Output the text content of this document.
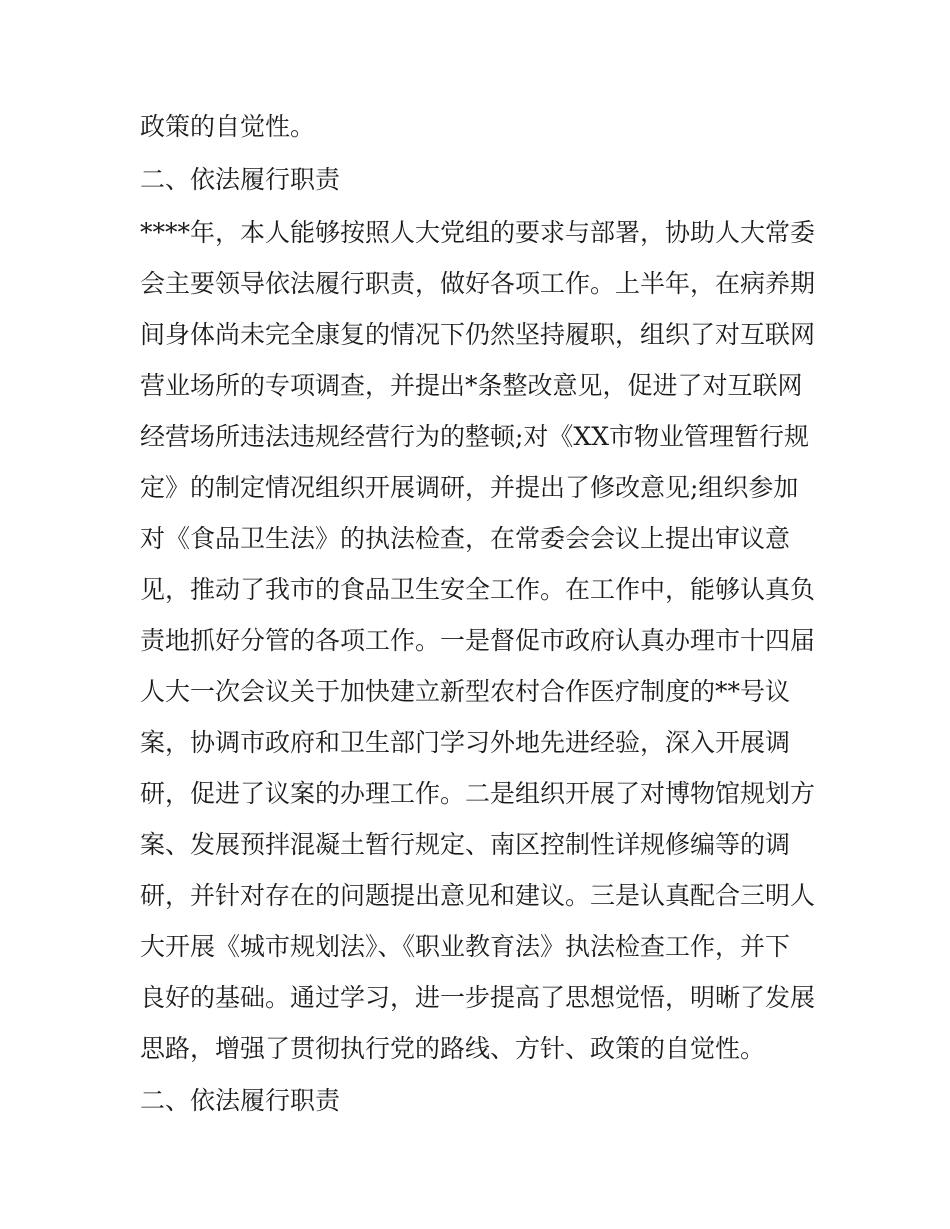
政策的自觉性。
二、依法履行职责
****年，本人能够按照人大党组的要求与部署，协助人大常委
会主要领导依法履行职责，做好各项工作。上半年，在病养期
间身体尚未完全康复的情况下仍然坚持履职，组织了对互联网
营业场所的专项调查，并提出*条整改意见，促进了对互联网
经营场所违法违规经营行为的整顿;对《XX市物业管理暂行规
定》的制定情况组织开展调研，并提出了修改意见;组织参加
对《食品卫生法》的执法检查，在常委会会议上提出审议意
见，推动了我市的食品卫生安全工作。在工作中，能够认真负
责地抓好分管的各项工作。一是督促市政府认真办理市十四届
人大一次会议关于加快建立新型农村合作医疗制度的**号议
案，协调市政府和卫生部门学习外地先进经验，深入开展调
研，促进了议案的办理工作。二是组织开展了对博物馆规划方
案、发展预拌混凝土暂行规定、南区控制性详规修编等的调
研，并针对存在的问题提出意见和建议。三是认真配合三明人
大开展《城市规划法》、《职业教育法》执法检查工作，并下
良好的基础。通过学习，进一步提高了思想觉悟，明晰了发展
思路，增强了贯彻执行党的路线、方针、政策的自觉性。
二、依法履行职责
